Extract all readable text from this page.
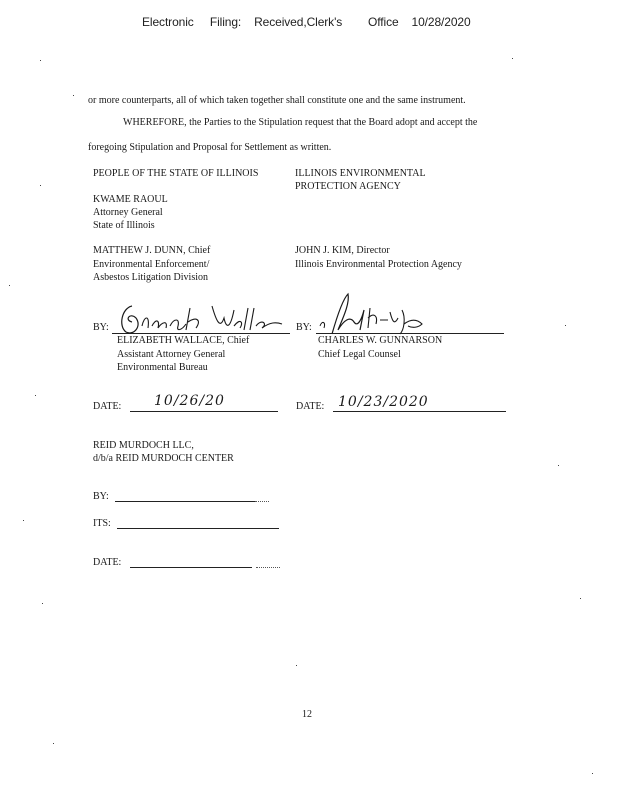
Electronic     Filing:    Received,Clerk's        Office    10/28/2020
or more counterparts, all of which taken together shall constitute one and the same instrument.
WHEREFORE, the Parties to the Stipulation request that the Board adopt and accept the
foregoing Stipulation and Proposal for Settlement as written.
PEOPLE OF THE STATE OF ILLINOIS
KWAME RAOUL
Attorney General
State of Illinois
MATTHEW J. DUNN, Chief
Environmental Enforcement/
Asbestos Litigation Division
ILLINOIS ENVIRONMENTAL
PROTECTION AGENCY
JOHN J. KIM, Director
Illinois Environmental Protection Agency
BY:
ELIZABETH WALLACE, Chief
Assistant Attorney General
Environmental Bureau
BY:
CHARLES W. GUNNARSON
Chief Legal Counsel
DATE: 10/26/20	DATE: 10/23/2020
REID MURDOCH LLC,
d/b/a REID MURDOCH CENTER
BY:
ITS:
DATE:
12
